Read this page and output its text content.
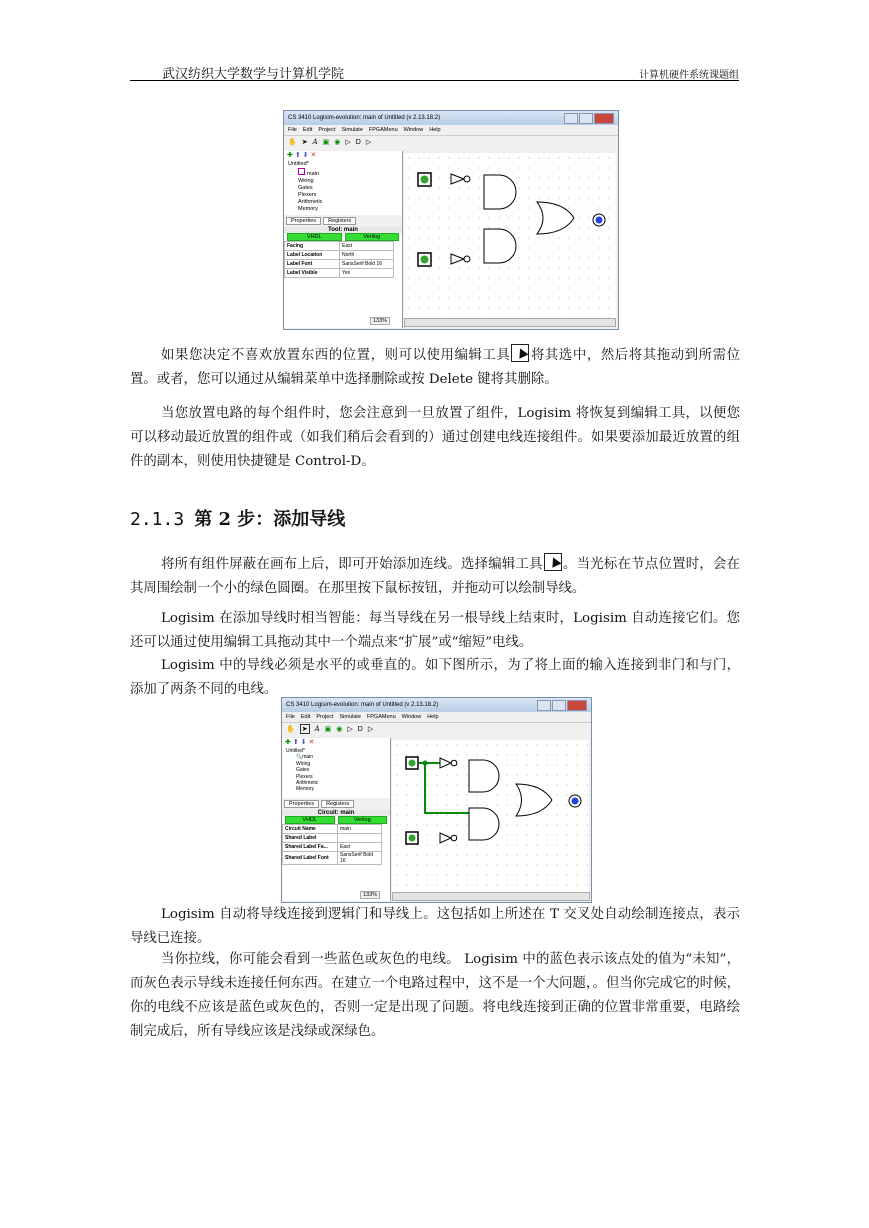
武汉纺织大学数学与计算机学院	计算机硬件系统课题组
CS 3410 Logisim-evolution: main of Untitled (v 2.13.18.2)
File Edit Project Simulate FPGAMenu Window Help
✋ ➤ A ▣ ◉ ▷ D ▷
✚ ⬆ ⬇ ✕
Untitled*
main
Wiring
Gates
Plexers
Arithmetic
Memory
Properties	Registers
Tool: main
VHDL	Verilog
Facing	East
Label Location	North
Label Font	SansSerif Bold 16
Label Visible	Yes
133%
如果您决定不喜欢放置东西的位置，则可以使用编辑工具 将其选中，然后将其拖动到所需位置。或者，您可以通过从编辑菜单中选择删除或按 Delete 键将其删除。
当您放置电路的每个组件时，您会注意到一旦放置了组件，Logisim 将恢复到编辑工具，以便您可以移动最近放置的组件或（如我们稍后会看到的）通过创建电线连接组件。如果要添加最近放置的组件的副本，则使用快捷键是 Control-D。
2.1.3 第 2 步：添加导线
将所有组件屏蔽在画布上后，即可开始添加连线。选择编辑工具 。当光标在节点位置时，会在其周围绘制一个小的绿色圆圈。在那里按下鼠标按钮，并拖动可以绘制导线。
Logisim 在添加导线时相当智能：每当导线在另一根导线上结束时，Logisim 自动连接它们。您还可以通过使用编辑工具拖动其中一个端点来“扩展”或“缩短”电线。
Logisim 中的导线必须是水平的或垂直的。如下图所示，为了将上面的输入连接到非门和与门，添加了两条不同的电线。
CS 3410 Logisim-evolution: main of Untitled (v 2.13.18.2)
File Edit Project Simulate FPGAMenu Window Help
✋ ➤ A ▣ ◉ ▷ D ▷
✚ ⬆ ⬇ ✕
Untitled*
🔍main
Wiring
Gates
Plexers
Arithmetic
Memory
Properties	Registers
Circuit: main
VHDL	Verilog
Circuit Name	main
Shared Label	
Shared Label Fa...	East
Shared Label Font	SansSerif Bold 16
133%
Logisim 自动将导线连接到逻辑门和导线上。这包括如上所述在 T 交叉处自动绘制连接点，表示导线已连接。
当你拉线，你可能会看到一些蓝色或灰色的电线。 Logisim 中的蓝色表示该点处的值为“未知”，而灰色表示导线未连接任何东西。在建立一个电路过程中，这不是一个大问题，。但当你完成它的时候，你的电线不应该是蓝色或灰色的，否则一定是出现了问题。将电线连接到正确的位置非常重要，电路绘制完成后，所有导线应该是浅绿或深绿色。
